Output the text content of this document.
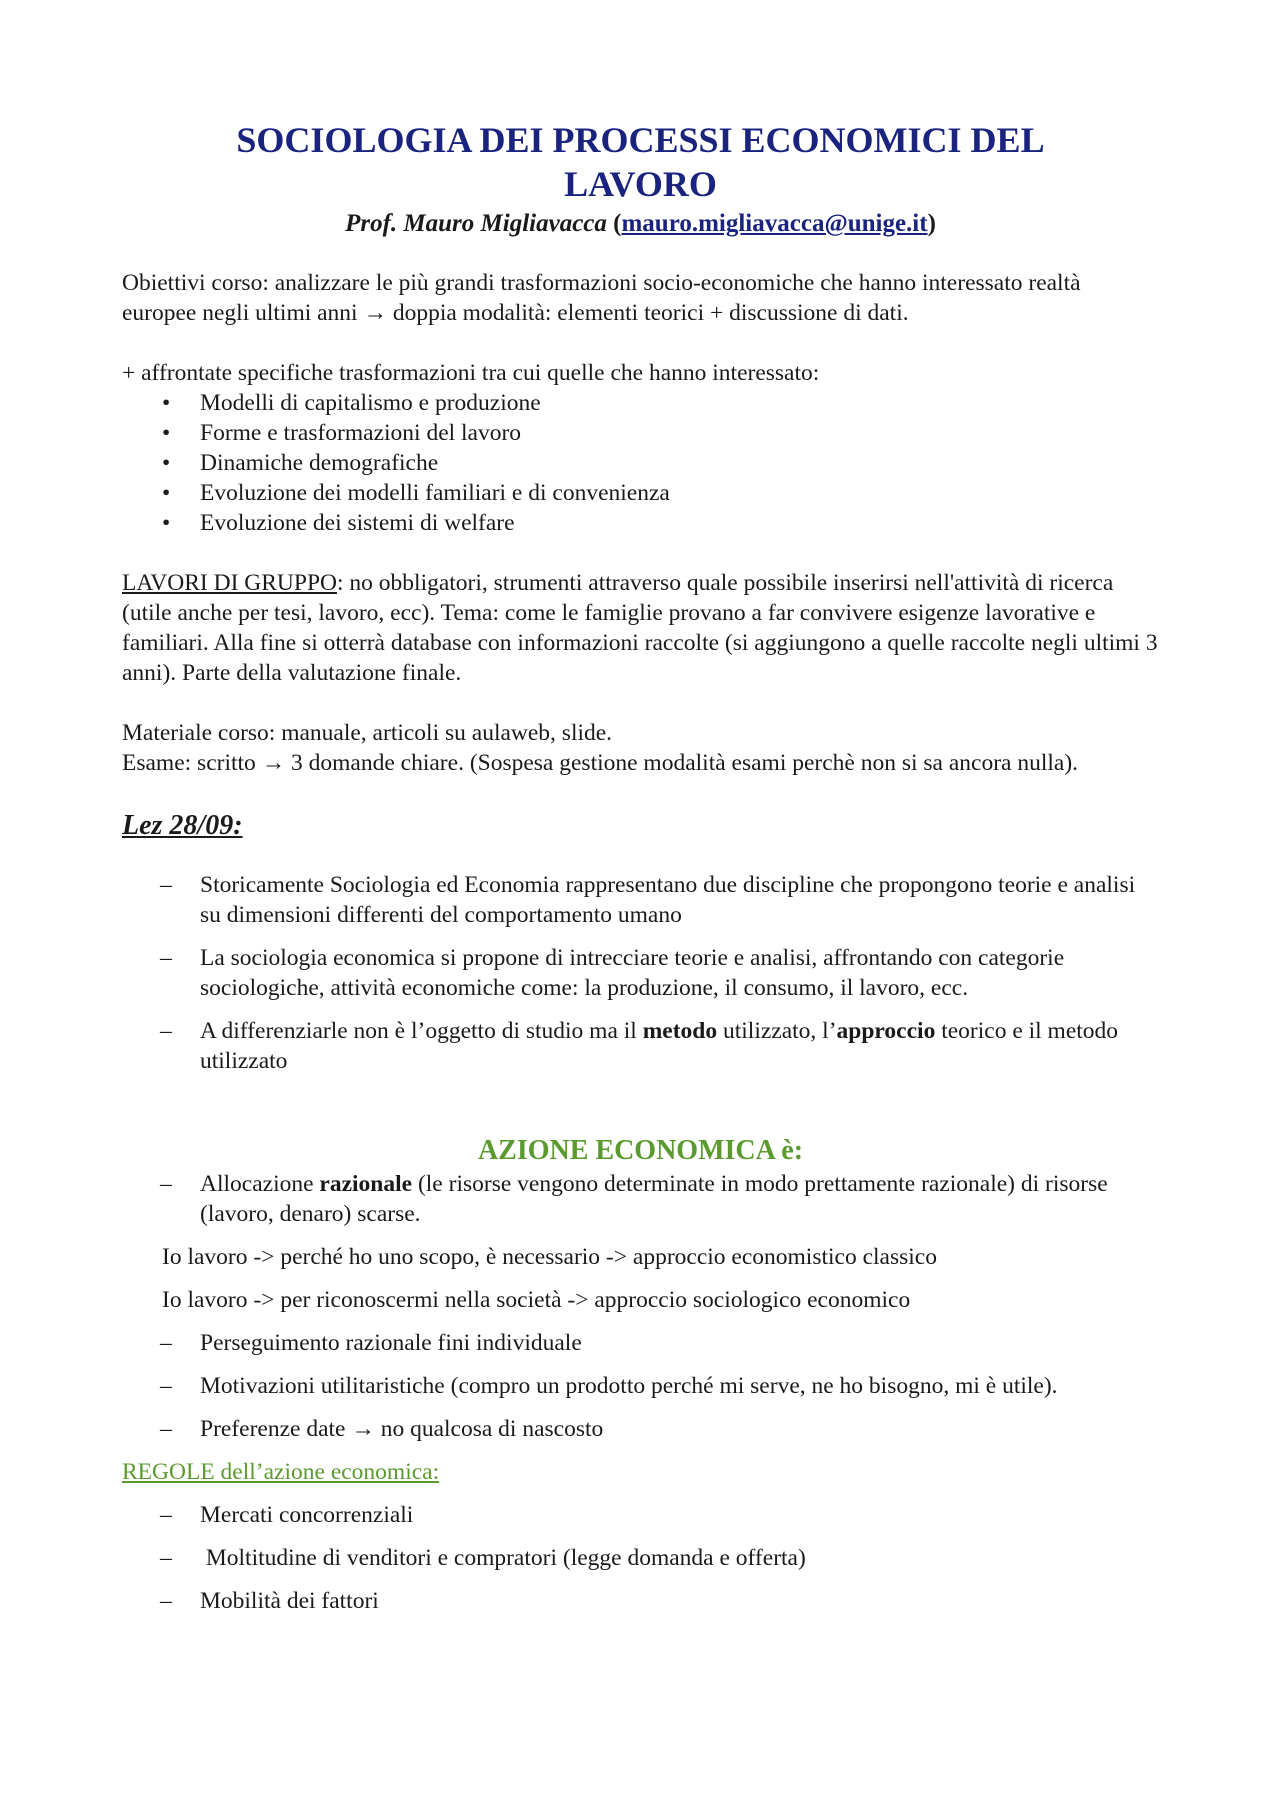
SOCIOLOGIA DEI PROCESSI ECONOMICI DEL
LAVORO
Prof. Mauro Migliavacca (mauro.migliavacca@unige.it)

Obiettivi corso: analizzare le più grandi trasformazioni socio-economiche che hanno interessato realtà europee negli ultimi anni → doppia modalità: elementi teorici + discussione di dati.

+ affrontate specifiche trasformazioni tra cui quelle che hanno interessato:

• Modelli di capitalismo e produzione
• Forme e trasformazioni del lavoro
• Dinamiche demografiche
• Evoluzione dei modelli familiari e di convenienza
• Evoluzione dei sistemi di welfare

LAVORI DI GRUPPO: no obbligatori, strumenti attraverso quale possibile inserirsi nell'attività di ricerca (utile anche per tesi, lavoro, ecc). Tema: come le famiglie provano a far convivere esigenze lavorative e familiari. Alla fine si otterrà database con informazioni raccolte (si aggiungono a quelle raccolte negli ultimi 3 anni). Parte della valutazione finale.

Materiale corso: manuale, articoli su aulaweb, slide.

Esame: scritto → 3 domande chiare. (Sospesa gestione modalità esami perchè non si sa ancora nulla).

Lez 28/09:
– Storicamente Sociologia ed Economia rappresentano due discipline che propongono teorie e analisi su dimensioni differenti del comportamento umano
– La sociologia economica si propone di intrecciare teorie e analisi, affrontando con categorie sociologiche, attività economiche come: la produzione, il consumo, il lavoro, ecc.
– A differenziarle non è l’oggetto di studio ma il metodo utilizzato, l’approccio teorico e il metodo utilizzato
AZIONE ECONOMICA è:
– Allocazione razionale (le risorse vengono determinate in modo prettamente razionale) di risorse (lavoro, denaro) scarse.

Io lavoro -> perché ho uno scopo, è necessario -> approccio economistico classico

Io lavoro -> per riconoscermi nella società -> approccio sociologico economico

– Perseguimento razionale fini individuale
– Motivazioni utilitaristiche (compro un prodotto perché mi serve, ne ho bisogno, mi è utile).
– Preferenze date → no qualcosa di nascosto

REGOLE dell’azione economica:

– Mercati concorrenziali
– Moltitudine di venditori e compratori (legge domanda e offerta)
– Mobilità dei fattori
